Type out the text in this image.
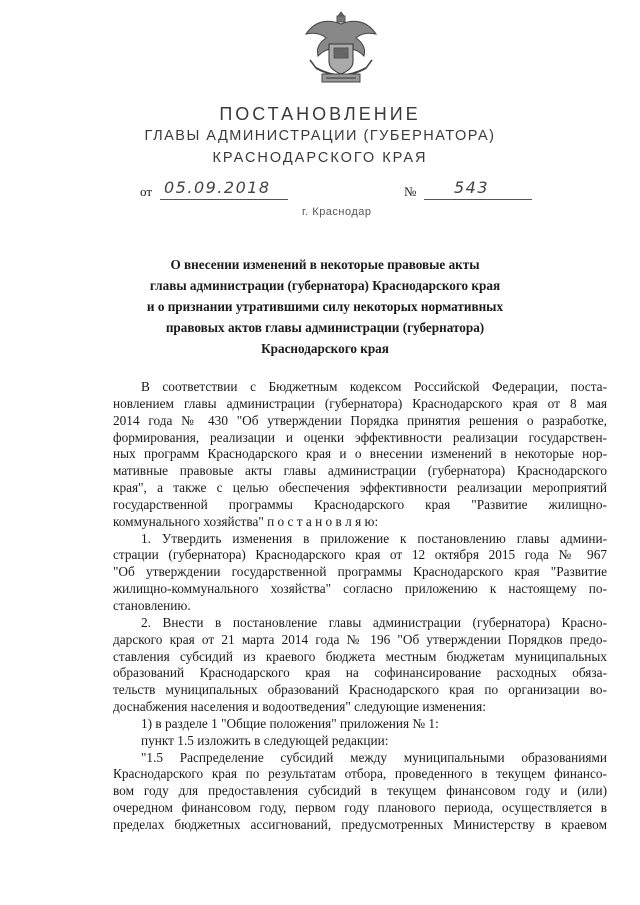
ПОСТАНОВЛЕНИЕ
ГЛАВЫ АДМИНИСТРАЦИИ (ГУБЕРНАТОРА)
КРАСНОДАРСКОГО КРАЯ
от 05.09.2018	№ 543
г. Краснодар
О внесении изменений в некоторые правовые акты
главы администрации (губернатора) Краснодарского края
и о признании утратившими силу некоторых нормативных
правовых актов главы администрации (губернатора)
Краснодарского края
В соответствии с Бюджетным кодексом Российской Федерации, поста-
новлением главы администрации (губернатора) Краснодарского края от 8 мая
2014 года № 430 "Об утверждении Порядка принятия решения о разработке,
формирования, реализации и оценки эффективности реализации государствен-
ных программ Краснодарского края и о внесении изменений в некоторые нор-
мативные правовые акты главы администрации (губернатора) Краснодарского
края", а также с целью обеспечения эффективности реализации мероприятий
государственной программы Краснодарского края "Развитие жилищно-
коммунального хозяйства" п о с т а н о в л я ю:
1. Утвердить изменения в приложение к постановлению главы админи-
страции (губернатора) Краснодарского края от 12 октября 2015 года № 967
"Об утверждении государственной программы Краснодарского края "Развитие
жилищно-коммунального хозяйства" согласно приложению к настоящему по-
становлению.
2. Внести в постановление главы администрации (губернатора) Красно-
дарского края от 21 марта 2014 года № 196 "Об утверждении Порядков предо-
ставления субсидий из краевого бюджета местным бюджетам муниципальных
образований Краснодарского края на софинансирование расходных обяза-
тельств муниципальных образований Краснодарского края по организации во-
доснабжения населения и водоотведения" следующие изменения:
1) в разделе 1 "Общие положения" приложения № 1:
пункт 1.5 изложить в следующей редакции:
"1.5 Распределение субсидий между муниципальными образованиями
Краснодарского края по результатам отбора, проведенного в текущем финансо-
вом году для предоставления субсидий в текущем финансовом году и (или)
очередном финансовом году, первом году планового периода, осуществляется в
пределах бюджетных ассигнований, предусмотренных Министерству в краевом
